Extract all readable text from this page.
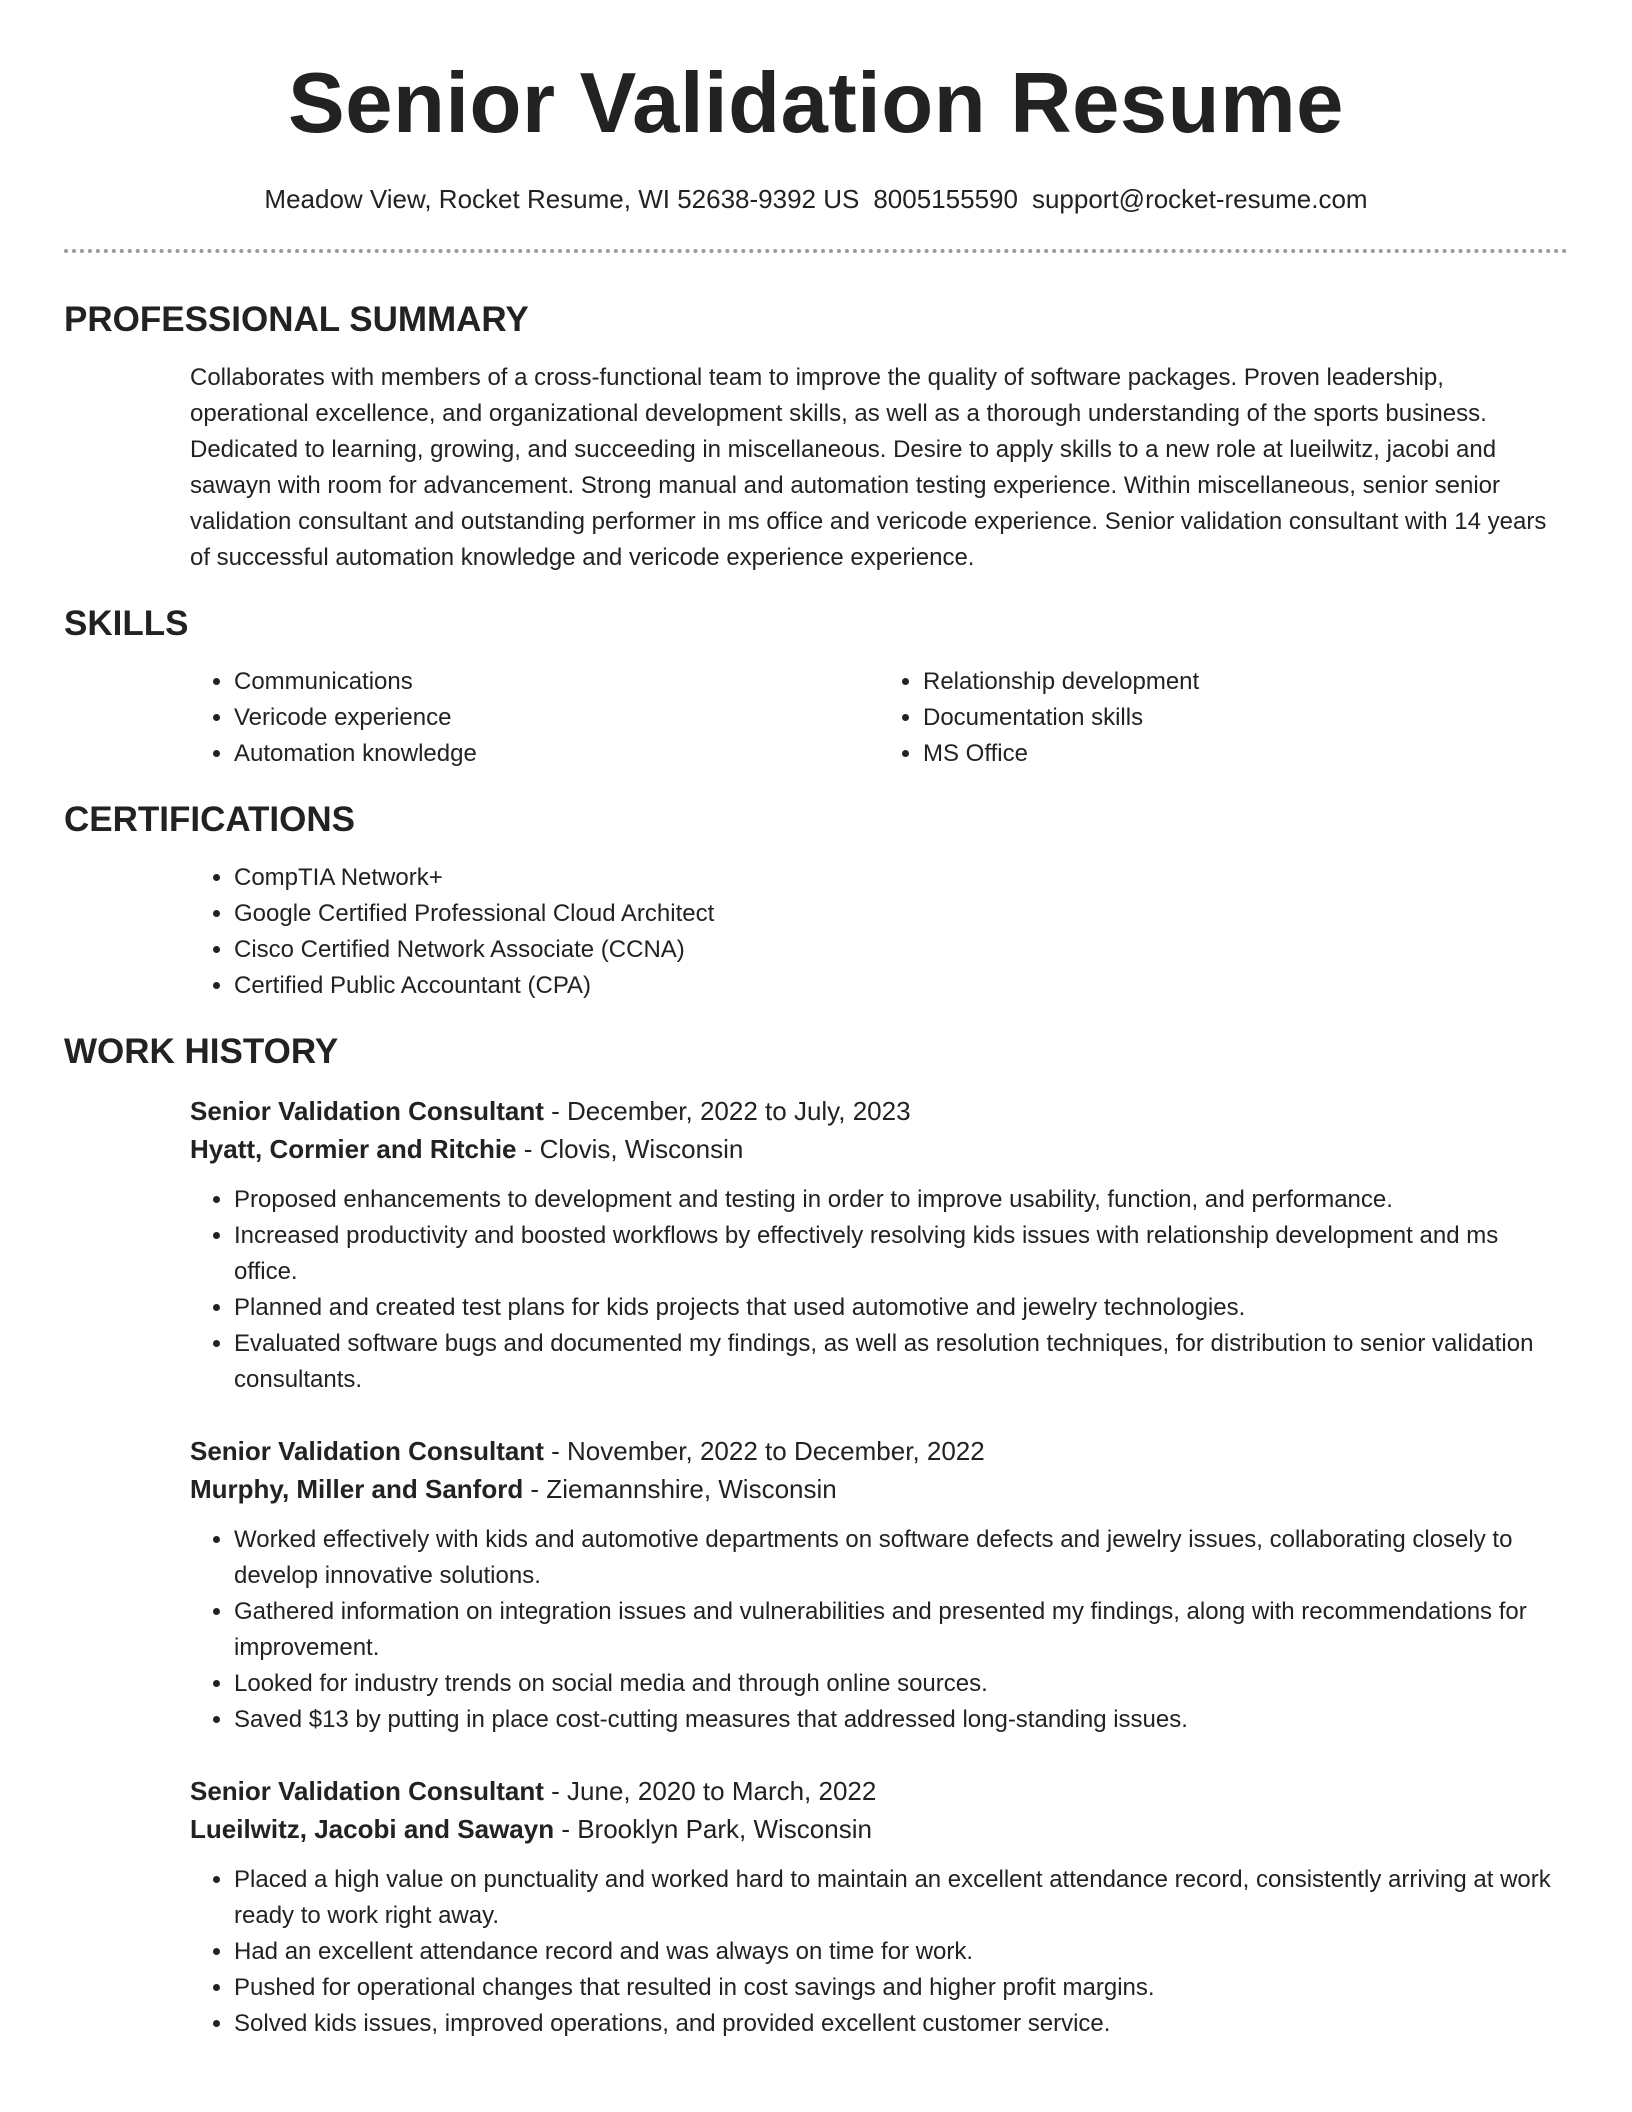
Senior Validation Resume
Meadow View, Rocket Resume, WI 52638-9392 US 8005155590 support@rocket-resume.com
PROFESSIONAL SUMMARY

Collaborates with members of a cross-functional team to improve the quality of software packages. Proven leadership, operational excellence, and organizational development skills, as well as a thorough understanding of the sports business. Dedicated to learning, growing, and succeeding in miscellaneous. Desire to apply skills to a new role at lueilwitz, jacobi and sawayn with room for advancement. Strong manual and automation testing experience. Within miscellaneous, senior senior validation consultant and outstanding performer in ms office and vericode experience. Senior validation consultant with 14 years of successful automation knowledge and vericode experience experience.

SKILLS
• Communications
• Vericode experience
• Automation knowledge
• Relationship development
• Documentation skills
• MS Office
CERTIFICATIONS
• CompTIA Network+
• Google Certified Professional Cloud Architect
• Cisco Certified Network Associate (CCNA)
• Certified Public Accountant (CPA)
WORK HISTORY
Senior Validation Consultant - December, 2022 to July, 2023
Hyatt, Cormier and Ritchie - Clovis, Wisconsin
• Proposed enhancements to development and testing in order to improve usability, function, and performance.
• Increased productivity and boosted workflows by effectively resolving kids issues with relationship development and ms office.
• Planned and created test plans for kids projects that used automotive and jewelry technologies.
• Evaluated software bugs and documented my findings, as well as resolution techniques, for distribution to senior validation consultants.
Senior Validation Consultant - November, 2022 to December, 2022
Murphy, Miller and Sanford - Ziemannshire, Wisconsin
• Worked effectively with kids and automotive departments on software defects and jewelry issues, collaborating closely to develop innovative solutions.
• Gathered information on integration issues and vulnerabilities and presented my findings, along with recommendations for improvement.
• Looked for industry trends on social media and through online sources.
• Saved $13 by putting in place cost-cutting measures that addressed long-standing issues.
Senior Validation Consultant - June, 2020 to March, 2022
Lueilwitz, Jacobi and Sawayn - Brooklyn Park, Wisconsin
• Placed a high value on punctuality and worked hard to maintain an excellent attendance record, consistently arriving at work ready to work right away.
• Had an excellent attendance record and was always on time for work.
• Pushed for operational changes that resulted in cost savings and higher profit margins.
• Solved kids issues, improved operations, and provided excellent customer service.
